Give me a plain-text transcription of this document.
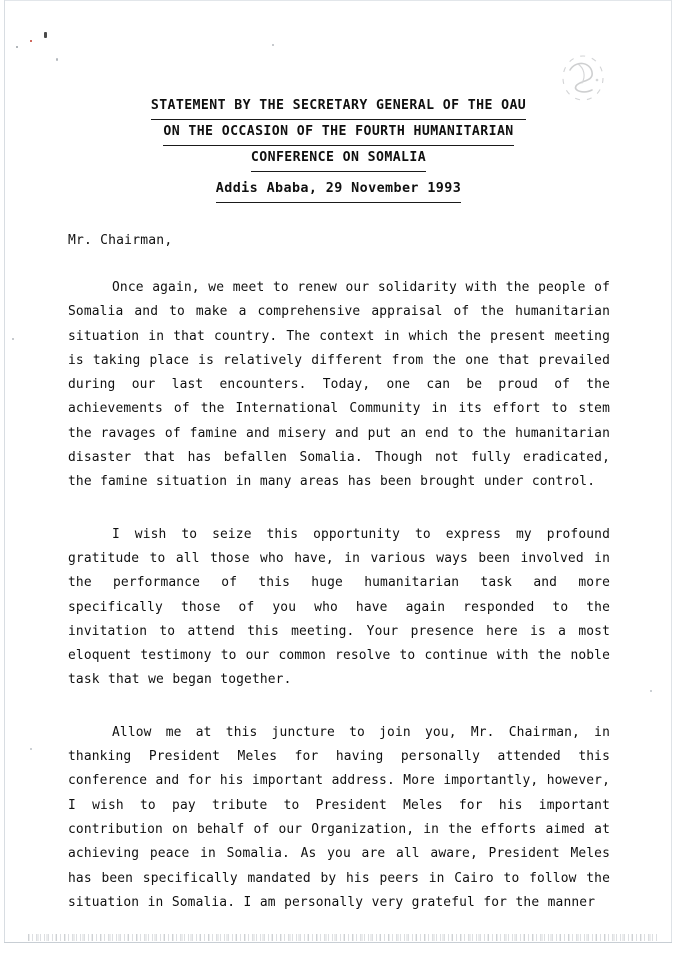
STATEMENT BY THE SECRETARY GENERAL OF THE OAU
ON THE OCCASION OF THE FOURTH HUMANITARIAN
CONFERENCE ON SOMALIA
Addis Ababa, 29 November 1993
Mr. Chairman,

Once again, we meet to renew our solidarity with the people of Somalia and to make a comprehensive appraisal of the humanitarian situation in that country. The context in which the present meeting is taking place is relatively different from the one that prevailed during our last encounters. Today, one can be proud of the achievements of the International Community in its effort to stem the ravages of famine and misery and put an end to the humanitarian disaster that has befallen Somalia. Though not fully eradicated, the famine situation in many areas has been brought under control.

I wish to seize this opportunity to express my profound gratitude to all those who have, in various ways been involved in the performance of this huge humanitarian task and more specifically those of you who have again responded to the invitation to attend this meeting. Your presence here is a most eloquent testimony to our common resolve to continue with the noble task that we began together.

Allow me at this juncture to join you, Mr. Chairman, in thanking President Meles for having personally attended this conference and for his important address. More importantly, however, I wish to pay tribute to President Meles for his important contribution on behalf of our Organization, in the efforts aimed at achieving peace in Somalia. As you are all aware, President Meles has been specifically mandated by his peers in Cairo to follow the situation in Somalia. I am personally very grateful for the manner
